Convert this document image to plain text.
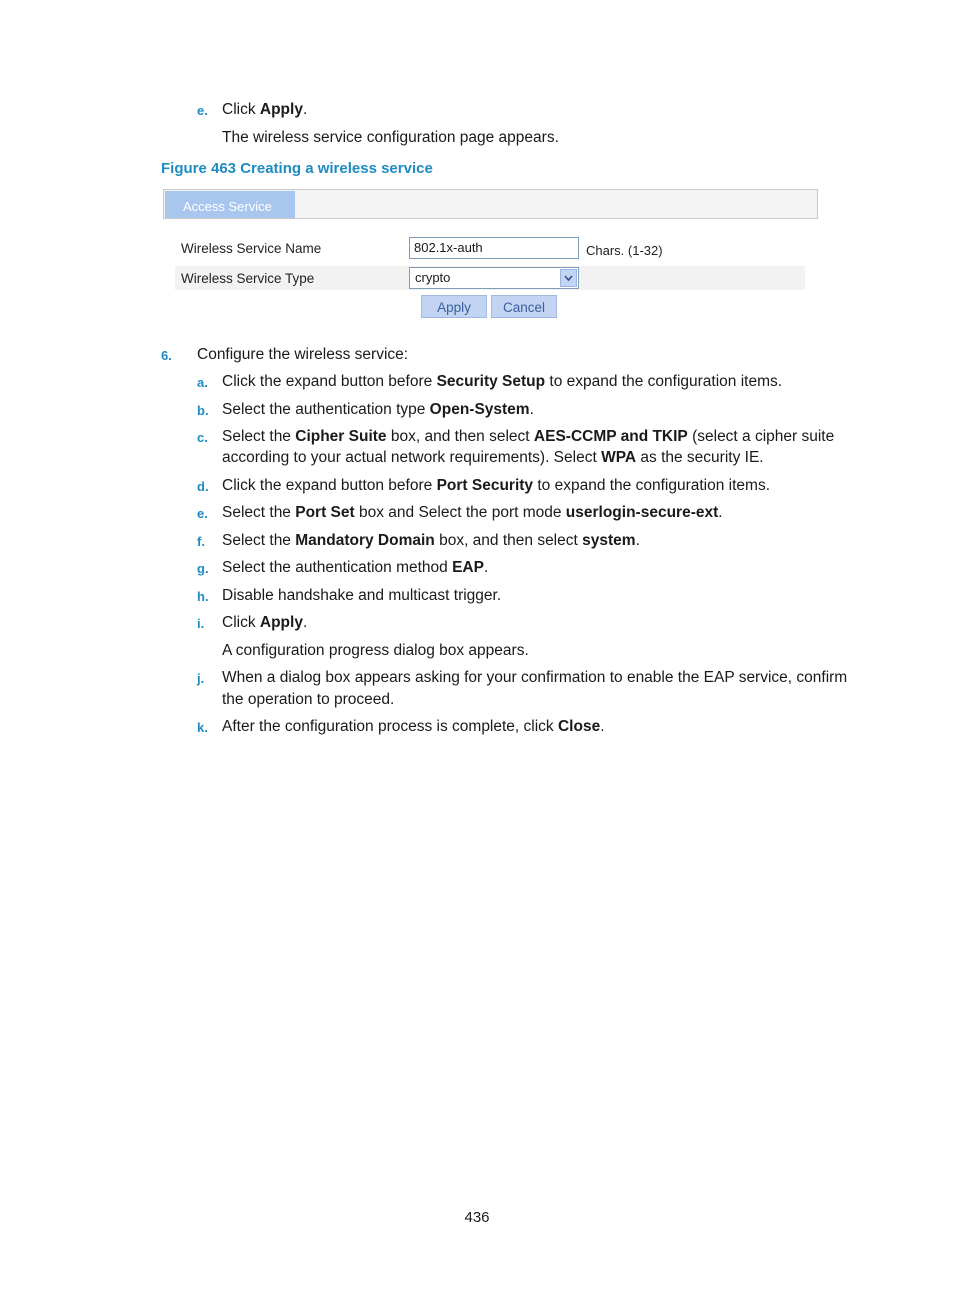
e. Click Apply.
The wireless service configuration page appears.
Figure 463 Creating a wireless service
Access Service
Wireless Service Name	802.1x-auth	Chars. (1-32)
Wireless Service Type	crypto
Apply	Cancel
6. Configure the wireless service:
a. Click the expand button before Security Setup to expand the configuration items.
b. Select the authentication type Open-System.
c. Select the Cipher Suite box, and then select AES-CCMP and TKIP (select a cipher suite
according to your actual network requirements). Select WPA as the security IE.
d. Click the expand button before Port Security to expand the configuration items.
e. Select the Port Set box and Select the port mode userlogin-secure-ext.
f. Select the Mandatory Domain box, and then select system.
g. Select the authentication method EAP.
h. Disable handshake and multicast trigger.
i. Click Apply.
A configuration progress dialog box appears.
j. When a dialog box appears asking for your confirmation to enable the EAP service, confirm
the operation to proceed.
k. After the configuration process is complete, click Close.
436
